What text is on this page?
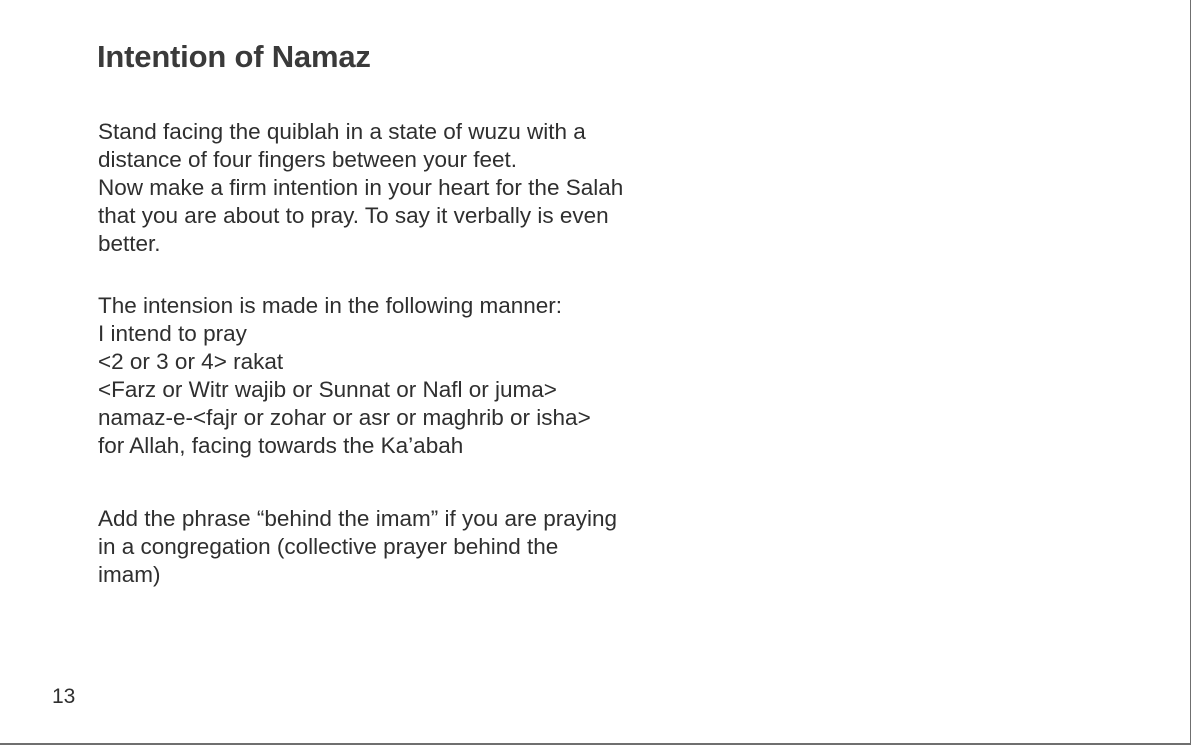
Intention of Namaz

Stand facing the quiblah in a state of wuzu with a
distance of four fingers between your feet.
Now make a firm intention in your heart for the Salah
that you are about to pray. To say it verbally is even
better.

The intension is made in the following manner:
I intend to pray
<2 or 3 or 4> rakat
<Farz or Witr wajib or Sunnat or Nafl or juma>
namaz-e-<fajr or zohar or asr or maghrib or isha>
for Allah, facing towards the Ka’abah

Add the phrase “behind the imam” if you are praying
in a congregation (collective prayer behind the
imam)

13
